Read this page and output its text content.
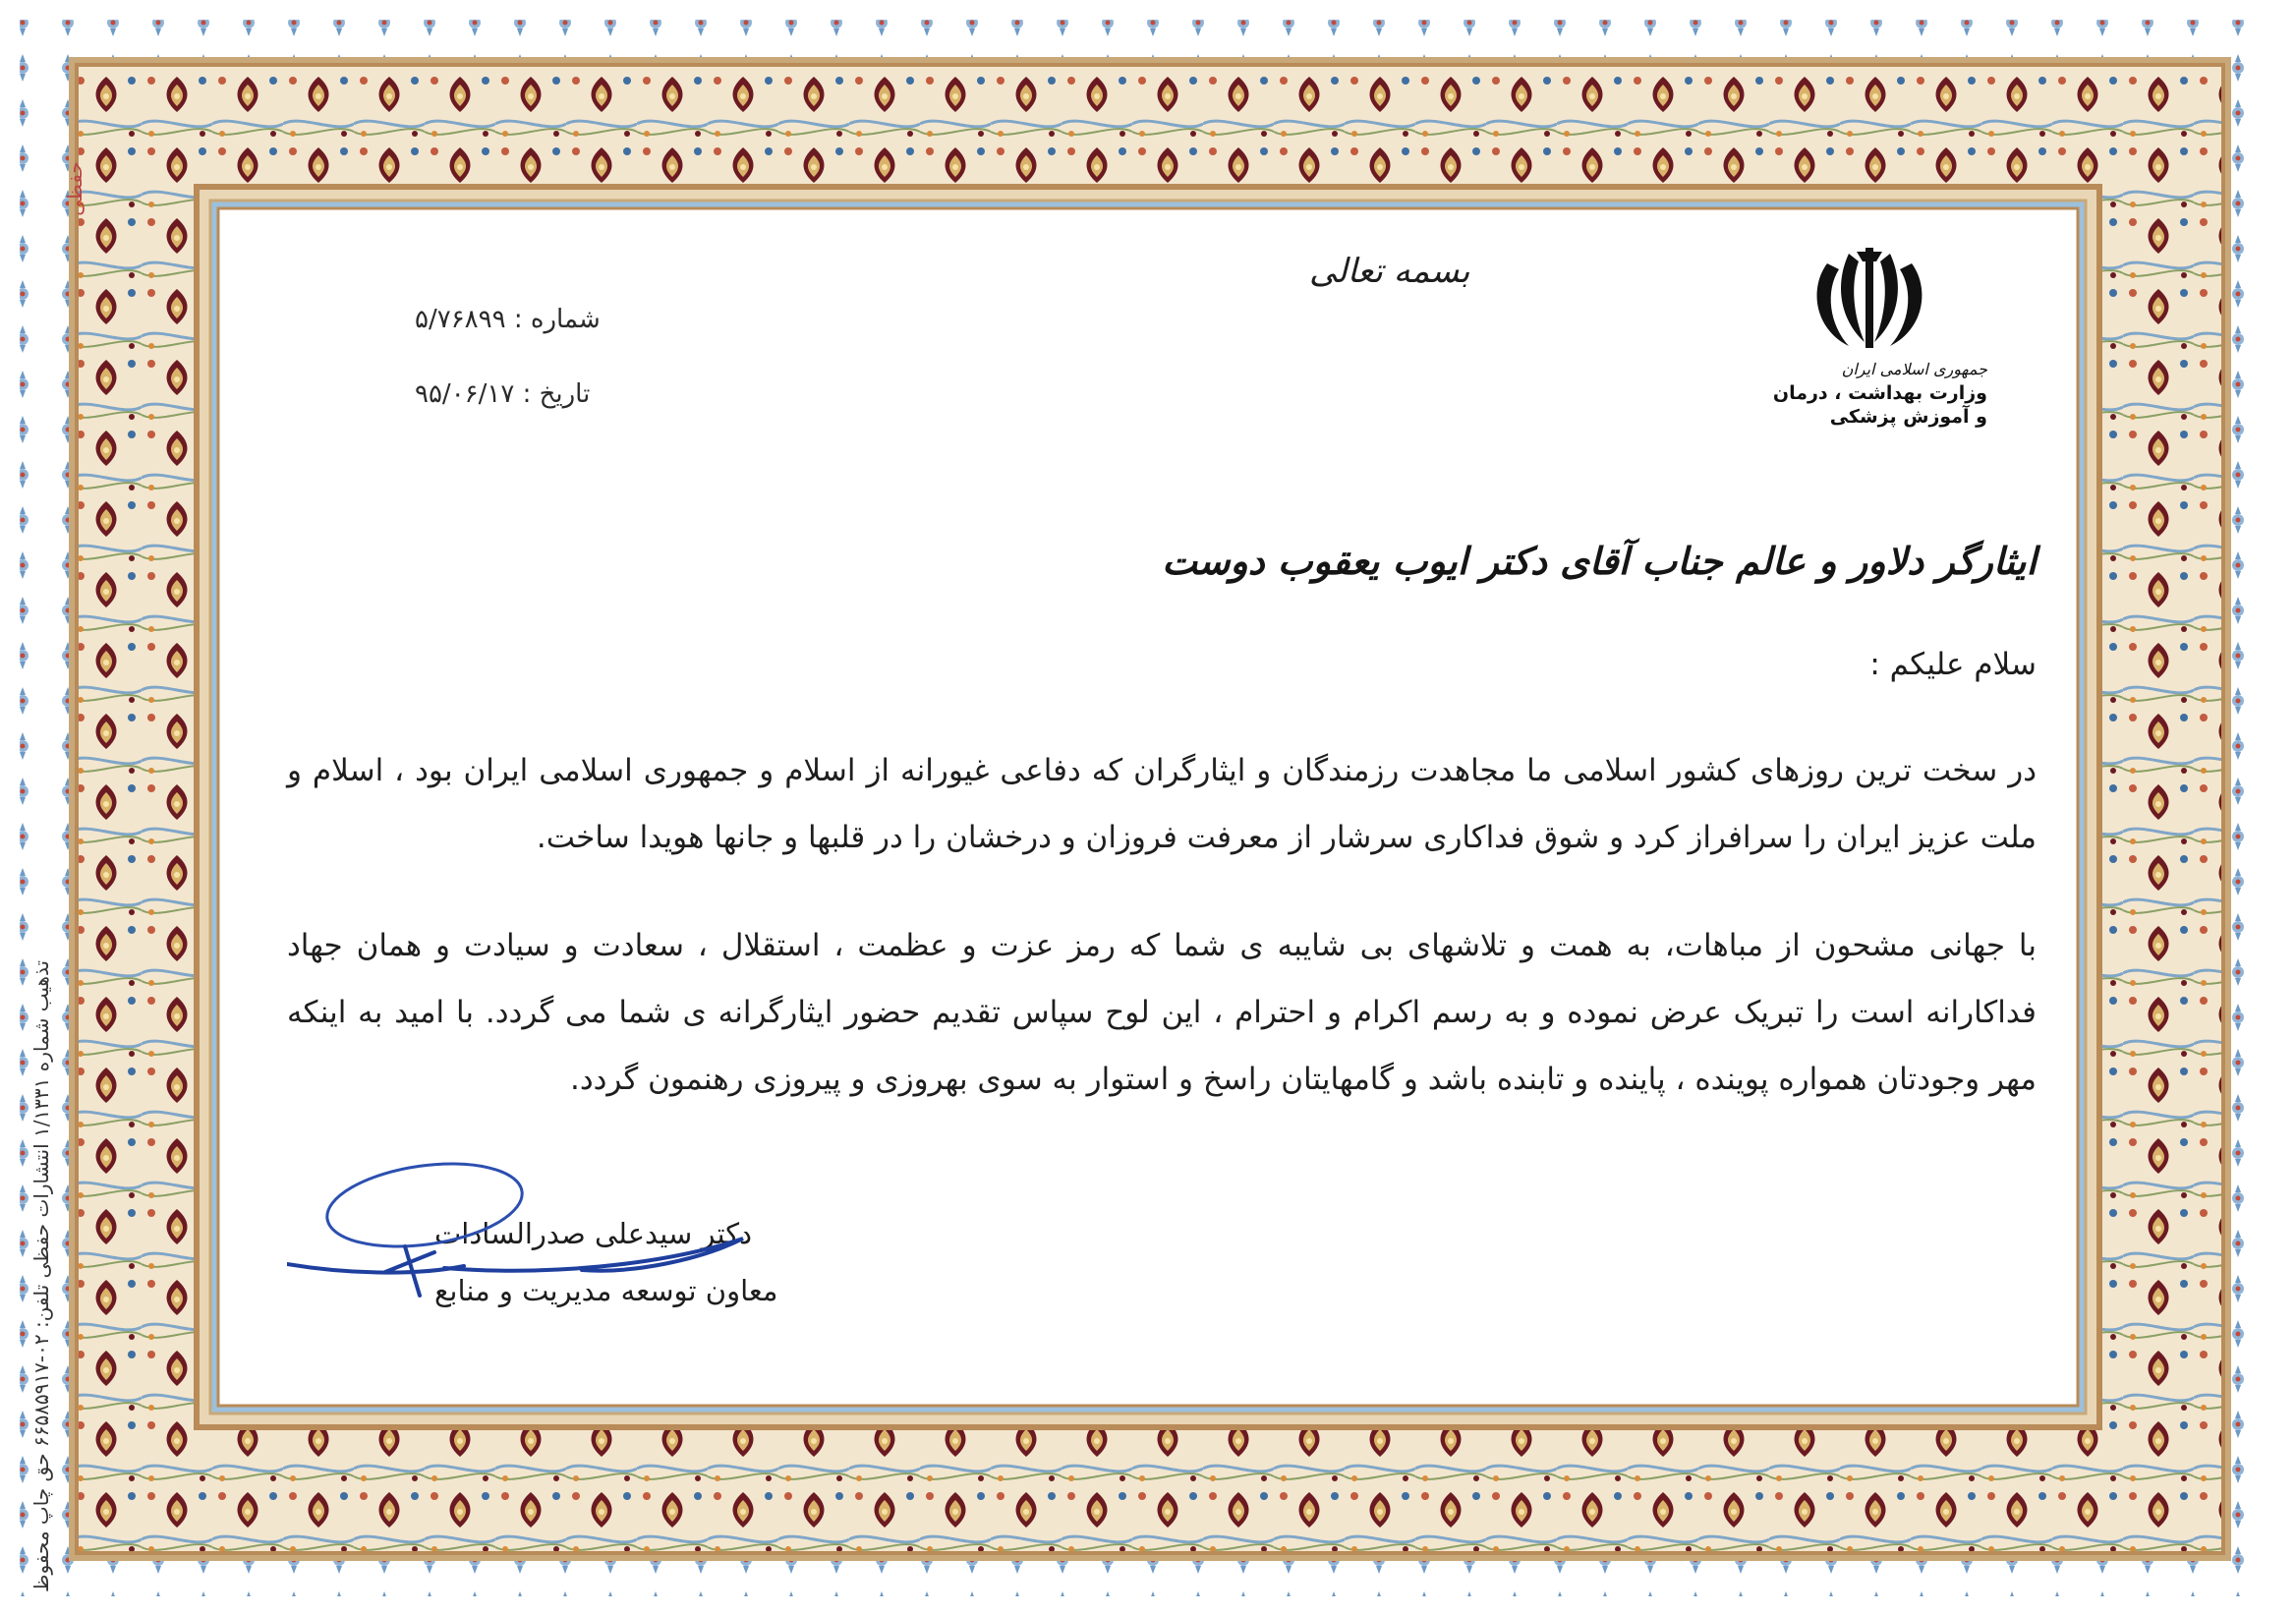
حفظی
تذهیب شماره ۱/۱۳۳۱ انتشارات حفظی تلفن: ۰۲-۶۶۵۸۵۹۱۷ حق چاپ محفوظ
بسمه تعالی
شماره : ۵/۷۶۸۹۹
تاریخ : ۹۵/۰۶/۱۷
جمهوری اسلامی ایران
وزارت بهداشت ، درمان
و آموزش پزشکی
ایثارگر دلاور و عالم جناب آقای دکتر ایوب یعقوب دوست
سلام علیکم :
در سخت ترین روزهای کشور اسلامی ما مجاهدت رزمندگان و ایثارگران که دفاعی غیورانه از اسلام و جمهوری اسلامی ایران بود ، اسلام و ملت عزیز ایران را سرافراز کرد و شوق فداکاری سرشار از معرفت فروزان و درخشان را در قلبها و جانها هویدا ساخت.
با جهانی مشحون از مباهات، به همت و تلاشهای بی شایبه ی شما که رمز عزت و عظمت ، استقلال ، سعادت و سیادت و همان جهاد فداکارانه است را تبریک عرض نموده و به رسم اکرام و احترام ، این لوح سپاس تقدیم حضور ایثارگرانه ی شما می گردد. با امید به اینکه مهر وجودتان همواره پوینده ، پاینده و تابنده باشد و گامهایتان راسخ و استوار به سوی بهروزی و پیروزی رهنمون گردد.
دکتر سیدعلی صدرالسادات
معاون توسعه مدیریت و منابع
